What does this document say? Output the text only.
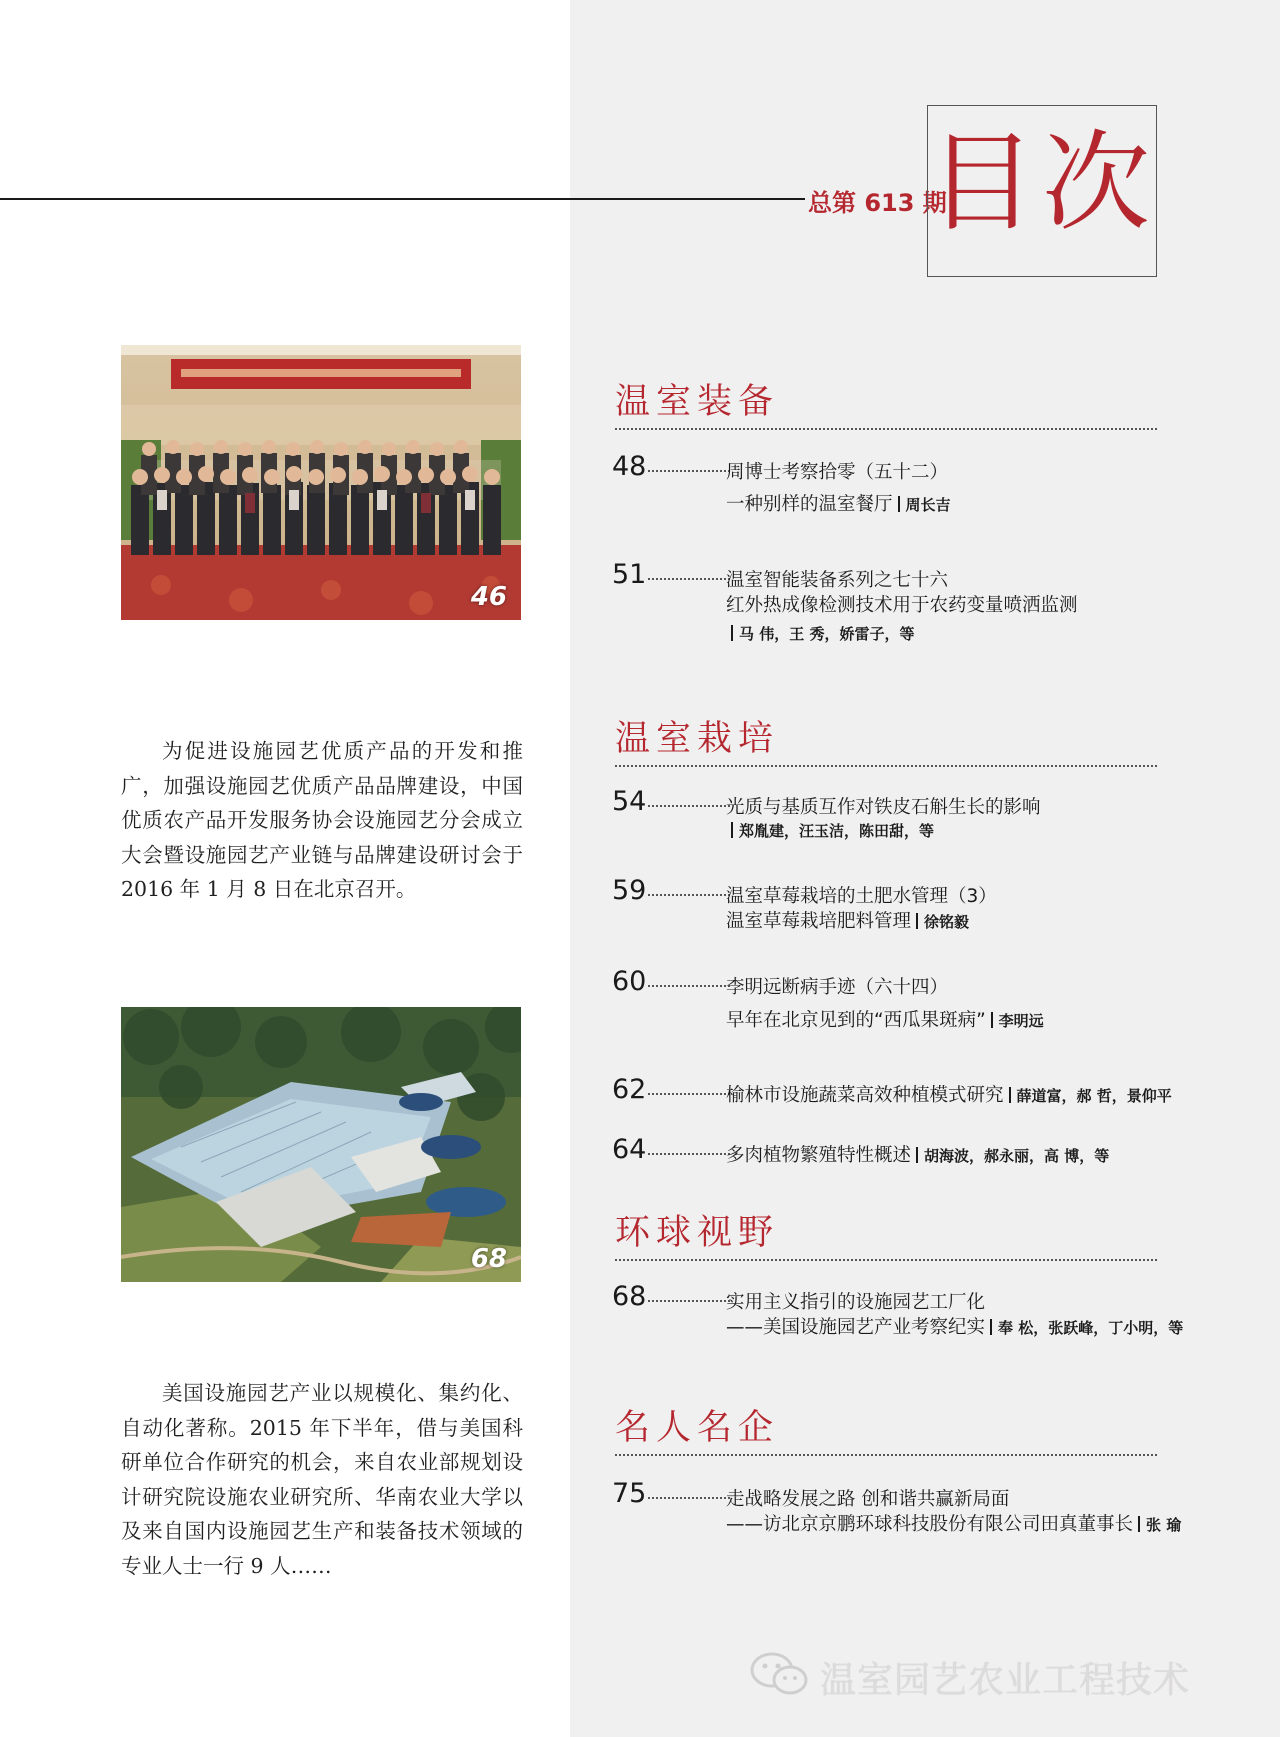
总第 613 期
目次
46
为促进设施园艺优质产品的开发和推广，加强设施园艺优质产品品牌建设，中国优质农产品开发服务协会设施园艺分会成立大会暨设施园艺产业链与品牌建设研讨会于 2016 年 1 月 8 日在北京召开。
68
美国设施园艺产业以规模化、集约化、自动化著称。2015 年下半年，借与美国科研单位合作研究的机会，来自农业部规划设计研究院设施农业研究所、华南农业大学以及来自国内设施园艺生产和装备技术领域的专业人士一行 9 人……
温室装备
48	周博士考察拾零（五十二）
一种别样的温室餐厅 周长吉
51	温室智能装备系列之七十六
红外热成像检测技术用于农药变量喷洒监测
马 伟，王 秀，娇雷子，等
温室栽培
54	光质与基质互作对铁皮石斛生长的影响
郑胤建，汪玉洁，陈田甜，等
59	温室草莓栽培的土肥水管理（3）
温室草莓栽培肥料管理 徐铭毅
60	李明远断病手迹（六十四）
早年在北京见到的“西瓜果斑病” 李明远
62	榆林市设施蔬菜高效种植模式研究 薛道富，郝 哲，景仰平
64	多肉植物繁殖特性概述 胡海波，郝永丽，高 博，等
环球视野
68	实用主义指引的设施园艺工厂化
——美国设施园艺产业考察纪实 奉 松，张跃峰，丁小明，等
名人名企
75	走战略发展之路 创和谐共赢新局面
——访北京京鹏环球科技股份有限公司田真董事长 张 瑜
温室园艺农业工程技术
